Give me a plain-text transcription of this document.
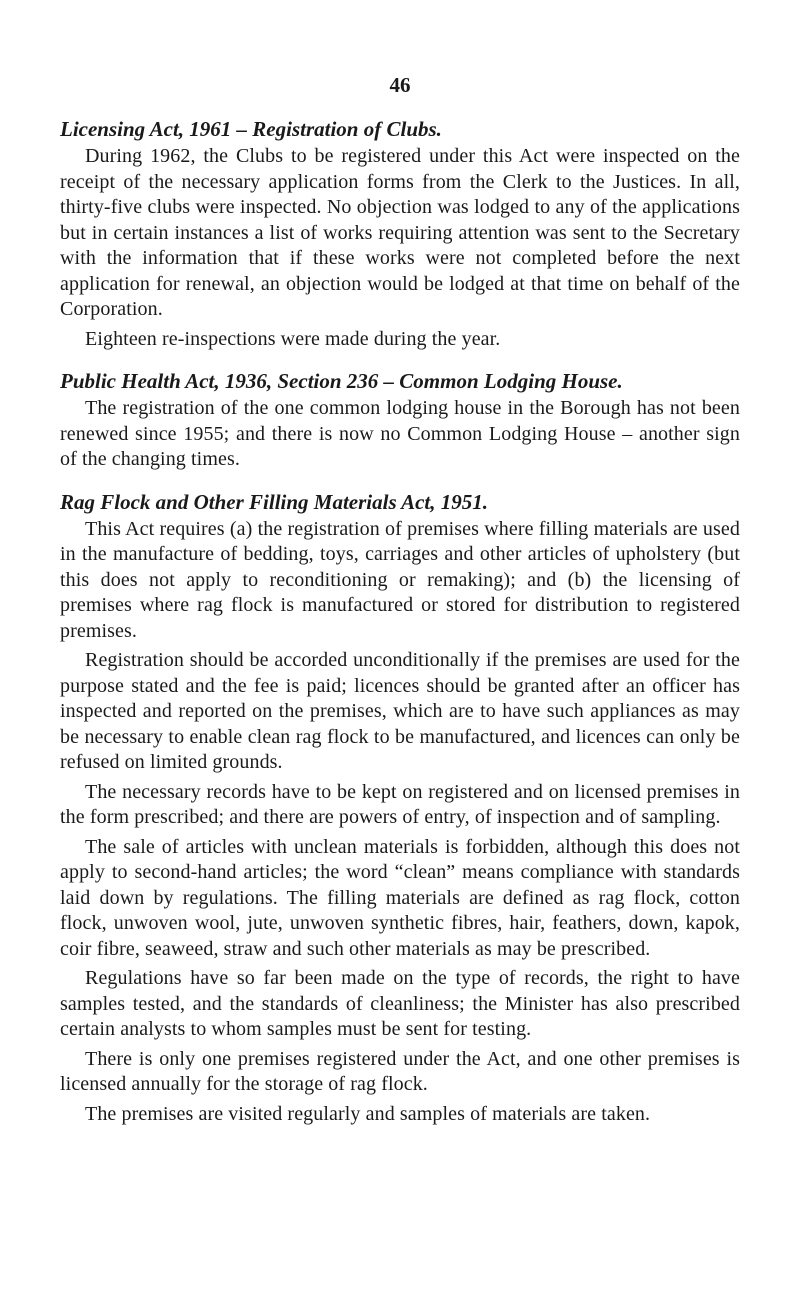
46
Licensing Act, 1961 – Registration of Clubs.

During 1962, the Clubs to be registered under this Act were inspected on the receipt of the necessary application forms from the Clerk to the Justices. In all, thirty-five clubs were inspected. No objection was lodged to any of the applications but in certain instances a list of works requiring attention was sent to the Secretary with the information that if these works were not completed before the next application for renewal, an objection would be lodged at that time on behalf of the Corporation.

Eighteen re-inspections were made during the year.

Public Health Act, 1936, Section 236 – Common Lodging House.

The registration of the one common lodging house in the Borough has not been renewed since 1955; and there is now no Common Lodging House – another sign of the changing times.

Rag Flock and Other Filling Materials Act, 1951.

This Act requires (a) the registration of premises where filling materials are used in the manufacture of bedding, toys, carriages and other articles of upholstery (but this does not apply to reconditioning or remaking); and (b) the licensing of premises where rag flock is manufactured or stored for distribution to registered premises.

Registration should be accorded unconditionally if the premises are used for the purpose stated and the fee is paid; licences should be granted after an officer has inspected and reported on the premises, which are to have such appliances as may be necessary to enable clean rag flock to be manufactured, and licences can only be refused on limited grounds.

The necessary records have to be kept on registered and on licensed premises in the form prescribed; and there are powers of entry, of inspection and of sampling.

The sale of articles with unclean materials is forbidden, although this does not apply to second-hand articles; the word “clean” means compliance with standards laid down by regulations. The filling materials are defined as rag flock, cotton flock, unwoven wool, jute, unwoven synthetic fibres, hair, feathers, down, kapok, coir fibre, seaweed, straw and such other materials as may be prescribed.

Regulations have so far been made on the type of records, the right to have samples tested, and the standards of cleanliness; the Minister has also prescribed certain analysts to whom samples must be sent for testing.

There is only one premises registered under the Act, and one other premises is licensed annually for the storage of rag flock.

The premises are visited regularly and samples of materials are taken.
